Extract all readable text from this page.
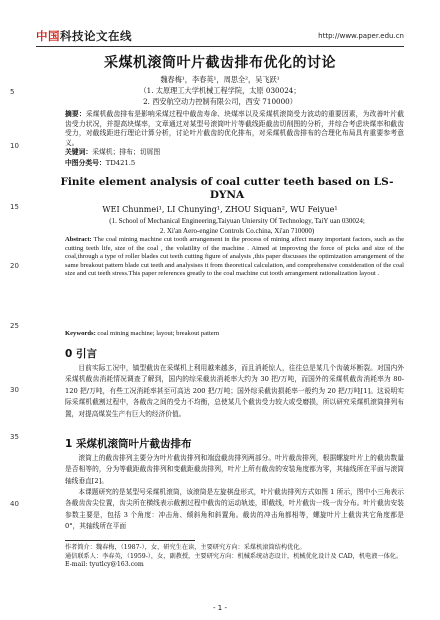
中国科技论文在线	http://www.paper.edu.cn
5
10
15
20
25
30
35
40
采煤机滚筒叶片截齿排布优化的讨论
魏春梅¹，李春英¹，周思全²，吴飞跃¹
（1. 太原理工大学机械工程学院，太原 030024；
2. 西安航空动力控制有限公司，西安 710000）
摘要：采煤机截齿排布是影响采煤过程中截齿寿命、块煤率以及采煤机滚筒受力波动的重要因素，为改善叶片截齿受力状况，并提高块煤率，文章通过对某型号滚筒叶片等截线距截齿切削图的分析，并综合考虑块煤率和截齿受力，对截线距进行理论计算分析，讨论叶片截齿的优化排布，对采煤机截齿排布的合理化布局具有重要参考意义。
关键词：采煤机；排布；切屑图
中图分类号：TD421.5
Finite element analysis of coal cutter teeth based on LS-DYNA
WEI Chunmei¹, LI Chunying¹, ZHOU Siquan², WU Feiyue¹
(1. School of Mechanical Engineering,Taiyuan Uniersity Of Technology, TaiY uan 030024;
2. Xi'an Aero-engine Controls Co.china, Xi'an 710000)
Abstract: The coal mining machine cut tooth arrangement in the process of mining affect many important factors, such as the cutting teeth life, size of the coal , the volatility of the machine . Aimed at improving the force of picks and size of the coal,through a type of roller blades cut teeth cutting figure of analysis ,this paper discusses the optimization arrangement of the same breakout pattern blade cut teeth and analysises it from theoretical calculation, and comprehensive consideration of the coal size and cut teeth stress.This paper references greatly to the coal machine cut tooth arrangement rationalization layout .
Keywords: coal mining machine; layout; breakout pattern
0 引言
目前实际工况中，镐型截齿在采煤机上利用越来越多，而且消耗惊人，往往总是某几个齿破坏断裂。对国内外采煤机截齿消耗情况调查了解到，国内的综采截齿消耗率大约为 30 把/万吨，而国外的采煤机截齿消耗率为 80-120 把/万吨，有些工况消耗率甚至可高达 200 把/万吨；国外综采截齿损耗率一般约为 20 把/万吨[1]。这说明实际采煤机截割过程中，各截齿之间的受力不均衡，总使某几个截齿受力较大或受磨损，所以研究采煤机滚筒排列布置，对提高煤炭生产有巨大的经济价值。
1 采煤机滚筒叶片截齿排布
滚筒上的截齿排列主要分为叶片截齿排列和端盘截齿排列两部分。叶片截齿排列，根据螺旋叶片上的截齿数量是否相等的，分为等截距截齿排列和变截距截齿排列，叶片上所有截齿的安装角度都为零，其轴线所在平面与滚筒轴线垂直[2]。
本课题研究的是某型号采煤机滚筒，该滚筒是左旋棋盘形式，叶片截齿排列方式如图 1 所示，图中小三角表示各截齿齿尖位置，齿尖所在横线表示截割过程中截齿的运动轨迹，即截线，叶片截齿一线一齿分布。叶片截齿安装参数主要是，包括 3 个角度：冲击角、倾斜角和斜置角。截齿的冲击角都相等，螺旋叶片上截齿其它角度都是 0°，其轴线所在平面
作者简介：魏春梅，（1987-），女，研究生在读，主要研究方向：采煤机滚筒结构优化。
通信联系人：李春英，（1959-），女，副教授，主要研究方向：机械系统动态设计，机械优化设计及 CAD，机电液一体化。E-mail: tyutlcy@163.com
- 1 -
